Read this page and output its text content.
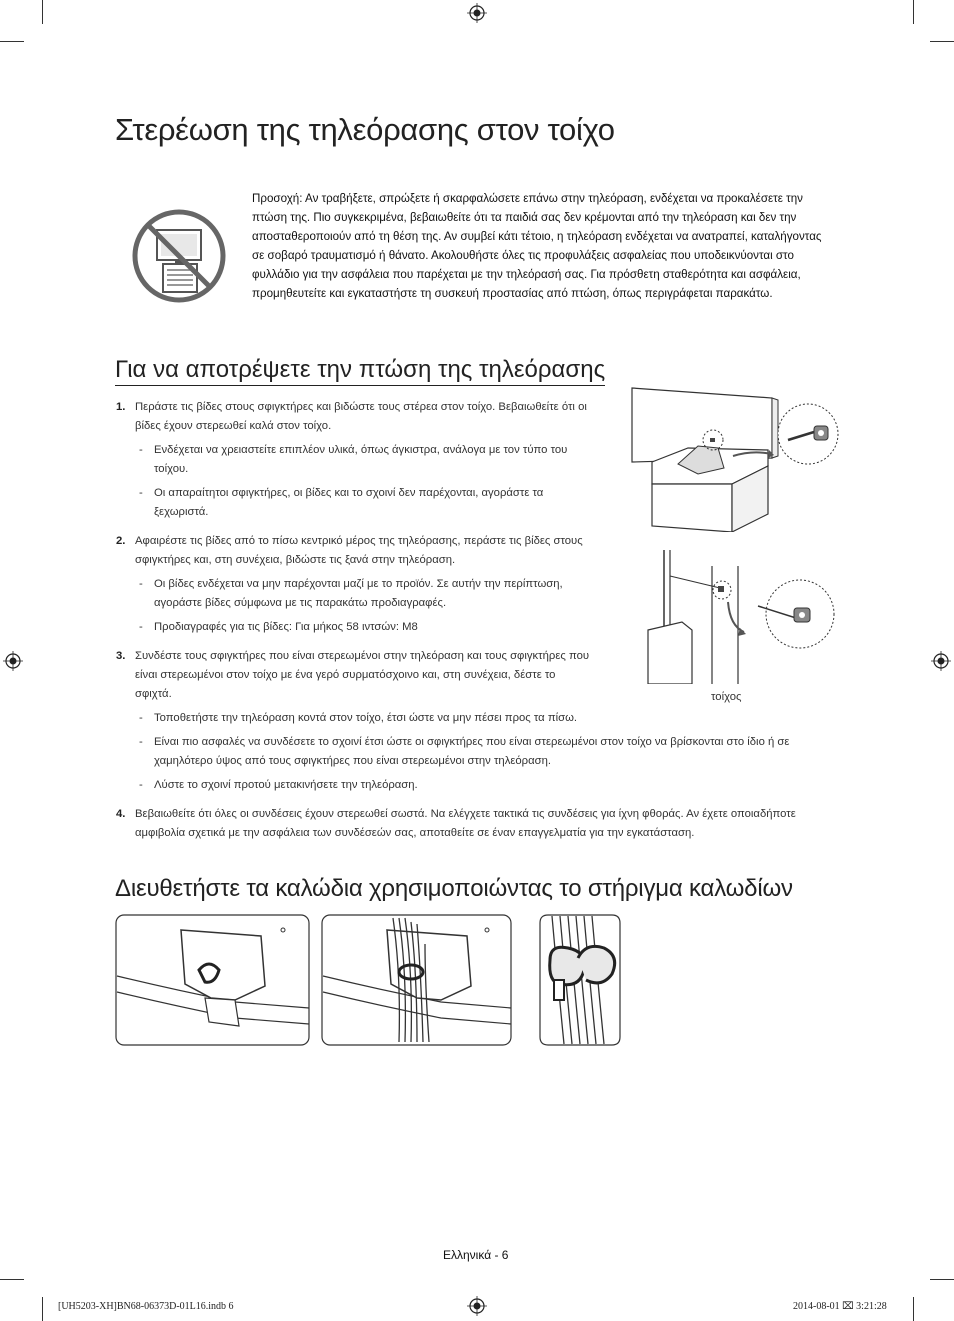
Στερέωση της τηλεόρασης στον τοίχο
Προσοχή: Αν τραβήξετε, σπρώξετε ή σκαρφαλώσετε επάνω στην τηλεόραση, ενδέχεται να προκαλέσετε την πτώση της. Πιο συγκεκριμένα, βεβαιωθείτε ότι τα παιδιά σας δεν κρέμονται από την τηλεόραση και δεν την αποσταθεροποιούν από τη θέση της. Αν συμβεί κάτι τέτοιο, η τηλεόραση ενδέχεται να ανατραπεί, καταλήγοντας σε σοβαρό τραυματισμό ή θάνατο. Ακολουθήστε όλες τις προφυλάξεις ασφαλείας που υποδεικνύονται στο φυλλάδιο για την ασφάλεια που παρέχεται με την τηλεόρασή σας. Για πρόσθετη σταθερότητα και ασφάλεια, προμηθευτείτε και εγκαταστήστε τη συσκευή προστασίας από πτώση, όπως περιγράφεται παρακάτω.
Για να αποτρέψετε την πτώση της τηλεόρασης
1. Περάστε τις βίδες στους σφιγκτήρες και βιδώστε τους στέρεα στον τοίχο. Βεβαιωθείτε ότι οι βίδες έχουν στερεωθεί καλά στον τοίχο.
- Ενδέχεται να χρειαστείτε επιπλέον υλικά, όπως άγκιστρα, ανάλογα με τον τύπο του τοίχου.
- Οι απαραίτητοι σφιγκτήρες, οι βίδες και το σχοινί δεν παρέχονται, αγοράστε τα ξεχωριστά.
2. Αφαιρέστε τις βίδες από το πίσω κεντρικό μέρος της τηλεόρασης, περάστε τις βίδες στους σφιγκτήρες και, στη συνέχεια, βιδώστε τις ξανά στην τηλεόραση.
- Οι βίδες ενδέχεται να μην παρέχονται μαζί με το προϊόν. Σε αυτήν την περίπτωση, αγοράστε βίδες σύμφωνα με τις παρακάτω προδιαγραφές.
- Προδιαγραφές για τις βίδες: Για μήκος 58 ιντσών: M8
3. Συνδέστε τους σφιγκτήρες που είναι στερεωμένοι στην τηλεόραση και τους σφιγκτήρες που είναι στερεωμένοι στον τοίχο με ένα γερό συρματόσχοινο και, στη συνέχεια, δέστε το σφιχτά.
- Τοποθετήστε την τηλεόραση κοντά στον τοίχο, έτσι ώστε να μην πέσει προς τα πίσω.
- Είναι πιο ασφαλές να συνδέσετε το σχοινί έτσι ώστε οι σφιγκτήρες που είναι στερεωμένοι στον τοίχο να βρίσκονται στο ίδιο ή σε χαμηλότερο ύψος από τους σφιγκτήρες που είναι στερεωμένοι στην τηλεόραση.
- Λύστε το σχοινί προτού μετακινήσετε την τηλεόραση.
4. Βεβαιωθείτε ότι όλες οι συνδέσεις έχουν στερεωθεί σωστά. Να ελέγχετε τακτικά τις συνδέσεις για ίχνη φθοράς. Αν έχετε οποιαδήποτε αμφιβολία σχετικά με την ασφάλεια των συνδέσεών σας, αποταθείτε σε έναν επαγγελματία για την εγκατάσταση.
τοίχος
Διευθετήστε τα καλώδια χρησιμοποιώντας το στήριγμα καλωδίων
Ελληνικά - 6
[UH5203-XH]BN68-06373D-01L16.indb 6	2014-08-01 ⌧ 3:21:28
